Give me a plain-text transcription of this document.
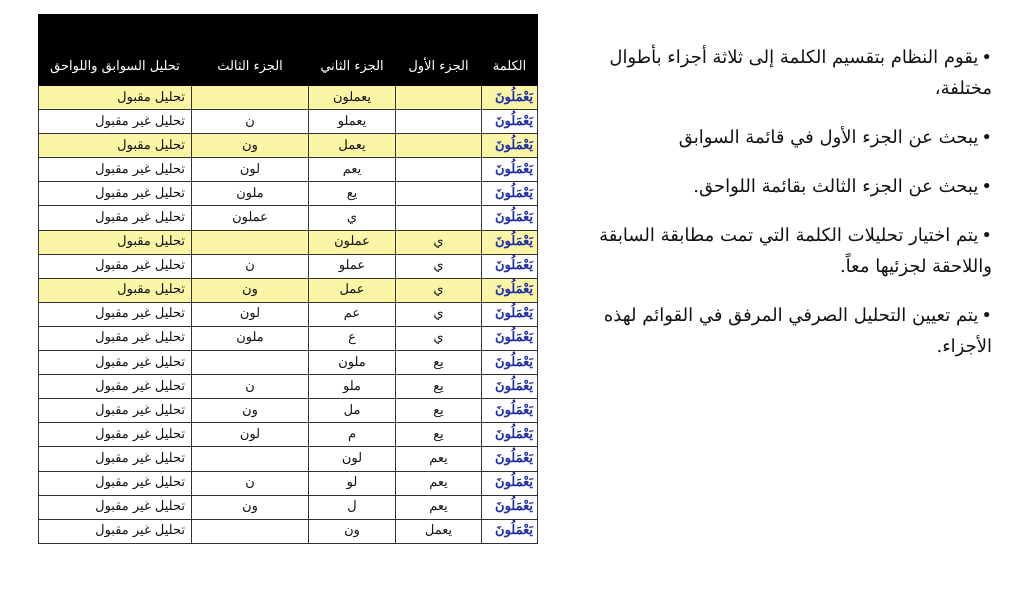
الكلمة	الجزء الأول	الجزء الثاني	الجزء الثالث	تحليل السوابق واللواحق
يَعْمَلُونَ		يعملون		تحليل مقبول
يَعْمَلُونَ		يعملو	ن	تحليل غير مقبول
يَعْمَلُونَ		يعمل	ون	تحليل مقبول
يَعْمَلُونَ		يعم	لون	تحليل غير مقبول
يَعْمَلُونَ		يع	ملون	تحليل غير مقبول
يَعْمَلُونَ		ي	عملون	تحليل غير مقبول
يَعْمَلُونَ	ي	عملون		تحليل مقبول
يَعْمَلُونَ	ي	عملو	ن	تحليل غير مقبول
يَعْمَلُونَ	ي	عمل	ون	تحليل مقبول
يَعْمَلُونَ	ي	عم	لون	تحليل غير مقبول
يَعْمَلُونَ	ي	ع	ملون	تحليل غير مقبول
يَعْمَلُونَ	يع	ملون		تحليل غير مقبول
يَعْمَلُونَ	يع	ملو	ن	تحليل غير مقبول
يَعْمَلُونَ	يع	مل	ون	تحليل غير مقبول
يَعْمَلُونَ	يع	م	لون	تحليل غير مقبول
يَعْمَلُونَ	يعم	لون		تحليل غير مقبول
يَعْمَلُونَ	يعم	لو	ن	تحليل غير مقبول
يَعْمَلُونَ	يعم	ل	ون	تحليل غير مقبول
يَعْمَلُونَ	يعمل	ون		تحليل غير مقبول

•يقوم النظام بتقسيم الكلمة إلى ثلاثة أجزاء بأطوال مختلفة،

•يبحث عن الجزء الأول في قائمة السوابق

•يبحث عن الجزء الثالث بقائمة اللواحق.

•يتم اختيار تحليلات الكلمة التي تمت مطابقة السابقة واللاحقة لجزئيها معاً.

•يتم تعيين التحليل الصرفي المرفق في القوائم لهذه الأجزاء.
